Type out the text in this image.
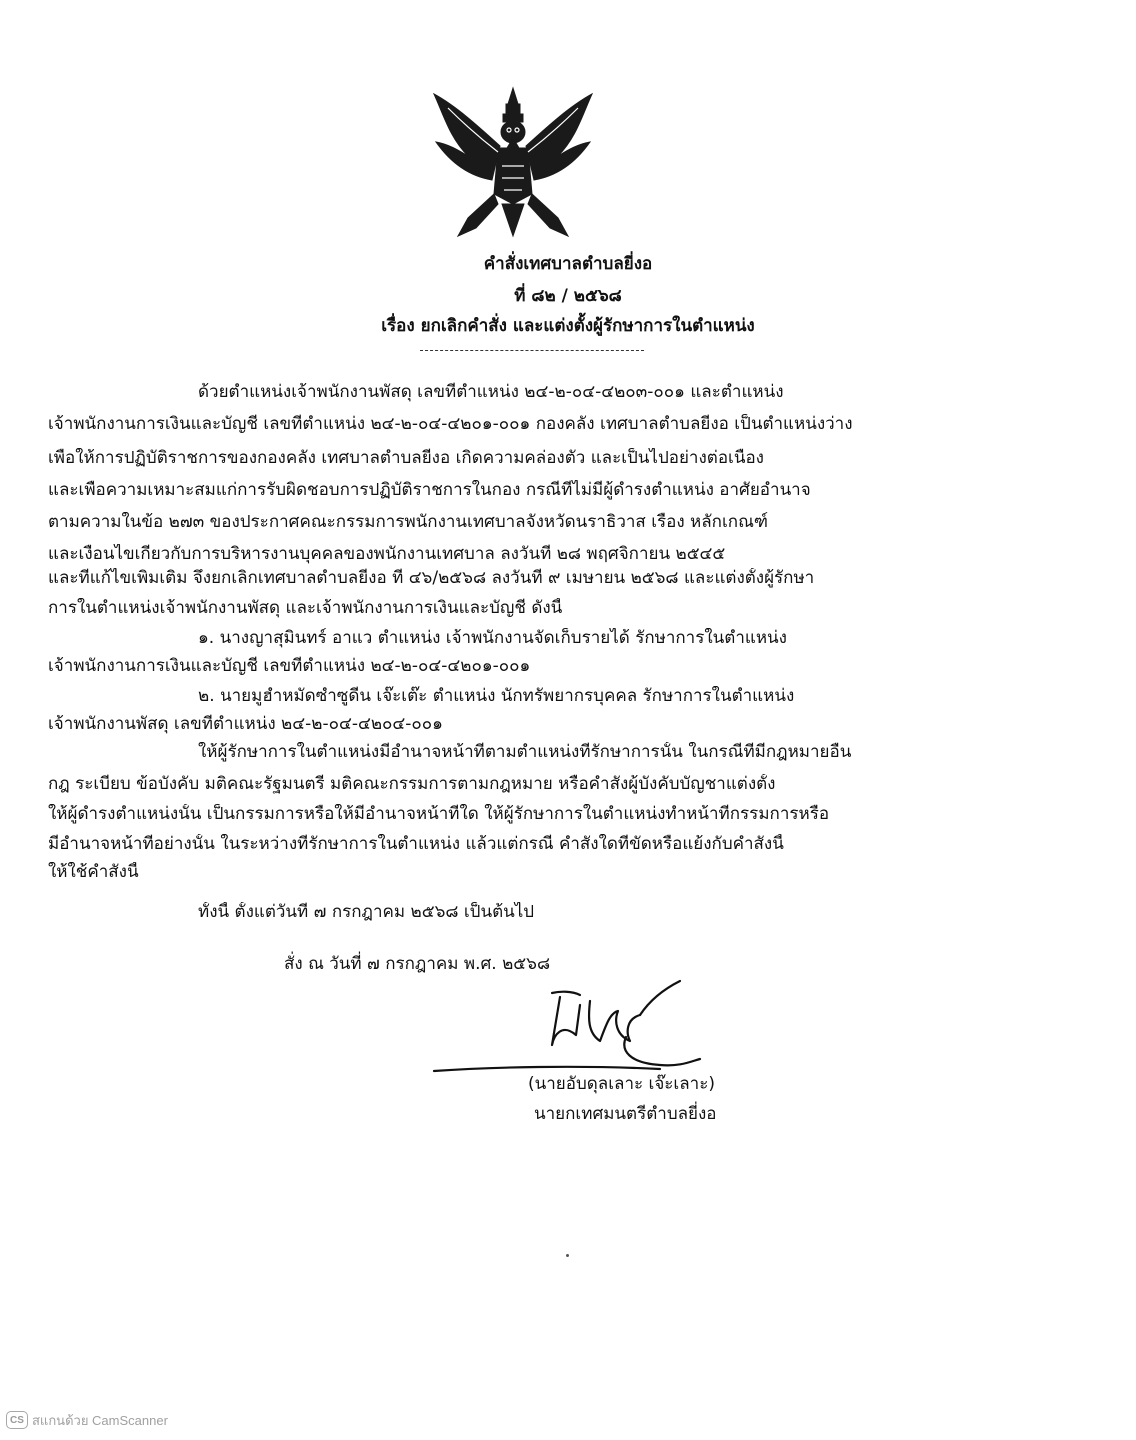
คำสั่งเทศบาลตำบลยี่งอ
ที่ ๘๒ / ๒๕๖๘
เรื่อง ยกเลิกคำสั่ง และแต่งตั้งผู้รักษาการในตำแหน่ง
ด้วยตำแหน่งเจ้าพนักงานพัสดุ เลขที่ตำแหน่ง ๒๔-๒-๐๔-๔๒๐๓-๐๐๑ และตำแหน่ง
เจ้าพนักงานการเงินและบัญชี เลขที่ตำแหน่ง ๒๔-๒-๐๔-๔๒๐๑-๐๐๑ กองคลัง เทศบาลตำบลยี่งอ เป็นตำแหน่งว่าง
เพื่อให้การปฏิบัติราชการของกองคลัง เทศบาลตำบลยี่งอ เกิดความคล่องตัว และเป็นไปอย่างต่อเนื่อง
และเพื่อความเหมาะสมแก่การรับผิดชอบการปฏิบัติราชการในกอง กรณีที่ไม่มีผู้ดำรงตำแหน่ง อาศัยอำนาจ
ตามความในข้อ ๒๗๓ ของประกาศคณะกรรมการพนักงานเทศบาลจังหวัดนราธิวาส เรื่อง หลักเกณฑ์
และเงื่อนไขเกี่ยวกับการบริหารงานบุคคลของพนักงานเทศบาล ลงวันที่ ๒๘ พฤศจิกายน ๒๕๔๕
และที่แก้ไขเพิ่มเติม จึงยกเลิกเทศบาลตำบลยี่งอ ที่ ๔๖/๒๕๖๘ ลงวันที่ ๙ เมษายน ๒๕๖๘ และแต่งตั้งผู้รักษา
การในตำแหน่งเจ้าพนักงานพัสดุ และเจ้าพนักงานการเงินและบัญชี ดังนี้
๑. นางญาสุมินทร์ อาแว ตำแหน่ง เจ้าพนักงานจัดเก็บรายได้ รักษาการในตำแหน่ง
เจ้าพนักงานการเงินและบัญชี เลขที่ตำแหน่ง ๒๔-๒-๐๔-๔๒๐๑-๐๐๑
๒. นายมูฮำหมัดซำซูดีน เจ๊ะเต๊ะ ตำแหน่ง นักทรัพยากรบุคคล รักษาการในตำแหน่ง
เจ้าพนักงานพัสดุ เลขที่ตำแหน่ง ๒๔-๒-๐๔-๔๒๐๔-๐๐๑
ให้ผู้รักษาการในตำแหน่งมีอำนาจหน้าที่ตามตำแหน่งที่รักษาการนั้น ในกรณีที่มีกฎหมายอื่น
กฎ ระเบียบ ข้อบังคับ มติคณะรัฐมนตรี มติคณะกรรมการตามกฎหมาย หรือคำสั่งผู้บังคับบัญชาแต่งตั้ง
ให้ผู้ดำรงตำแหน่งนั้น เป็นกรรมการหรือให้มีอำนาจหน้าที่ใด ให้ผู้รักษาการในตำแหน่งทำหน้าที่กรรมการหรือ
มีอำนาจหน้าที่อย่างนั้น ในระหว่างที่รักษาการในตำแหน่ง แล้วแต่กรณี คำสั่งใดที่ขัดหรือแย้งกับคำสั่งนี้
ให้ใช้คำสั่งนี้
ทั้งนี้ ตั้งแต่วันที่ ๗ กรกฎาคม ๒๕๖๘ เป็นต้นไป
สั่ง ณ วันที่ ๗ กรกฎาคม พ.ศ. ๒๕๖๘
(นายอับดุลเลาะ เจ๊ะเลาะ)
นายกเทศมนตรีตำบลยี่งอ
CS สแกนด้วย CamScanner
